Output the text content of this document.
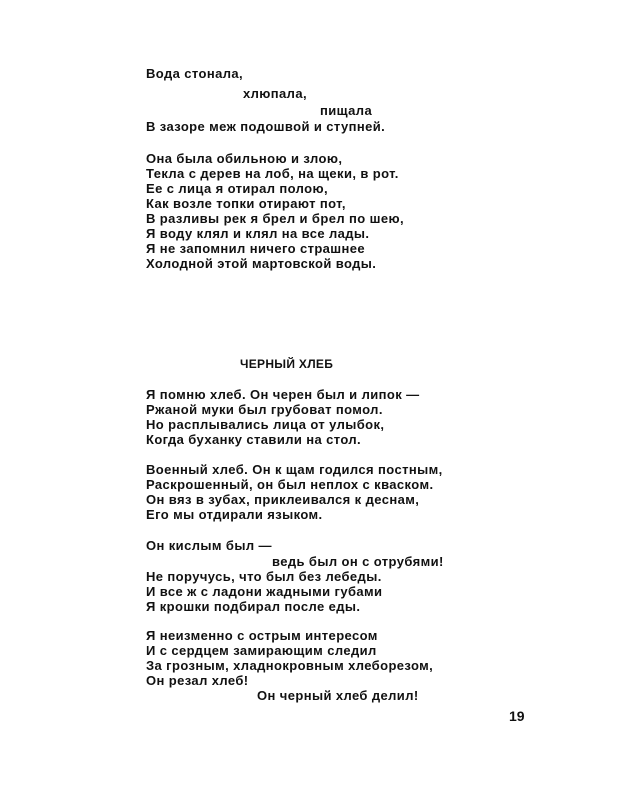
Вода стонала,
хлюпала,
пищала
В зазоре меж подошвой и ступней.
Она была обильною и злою,
Текла с дерев на лоб, на щеки, в рот.
Ее с лица я отирал полою,
Как возле топки отирают пот,
В разливы рек я брел и брел по шею,
Я воду клял и клял на все лады.
Я не запомнил ничего страшнее
Холодной этой мартовской воды.
ЧЕРНЫЙ ХЛЕБ
Я помню хлеб. Он черен был и липок —
Ржаной муки был грубоват помол.
Но расплывались лица от улыбок,
Когда буханку ставили на стол.
Военный хлеб. Он к щам годился постным,
Раскрошенный, он был неплох с кваском.
Он вяз в зубах, приклеивался к деснам,
Его мы отдирали языком.
Он кислым был —
ведь был он с отрубями!
Не поручусь, что был без лебеды.
И все ж с ладони жадными губами
Я крошки подбирал после еды.
Я неизменно с острым интересом
И с сердцем замирающим следил
За грозным, хладнокровным хлеборезом,
Он резал хлеб!
Он черный хлеб делил!
19
